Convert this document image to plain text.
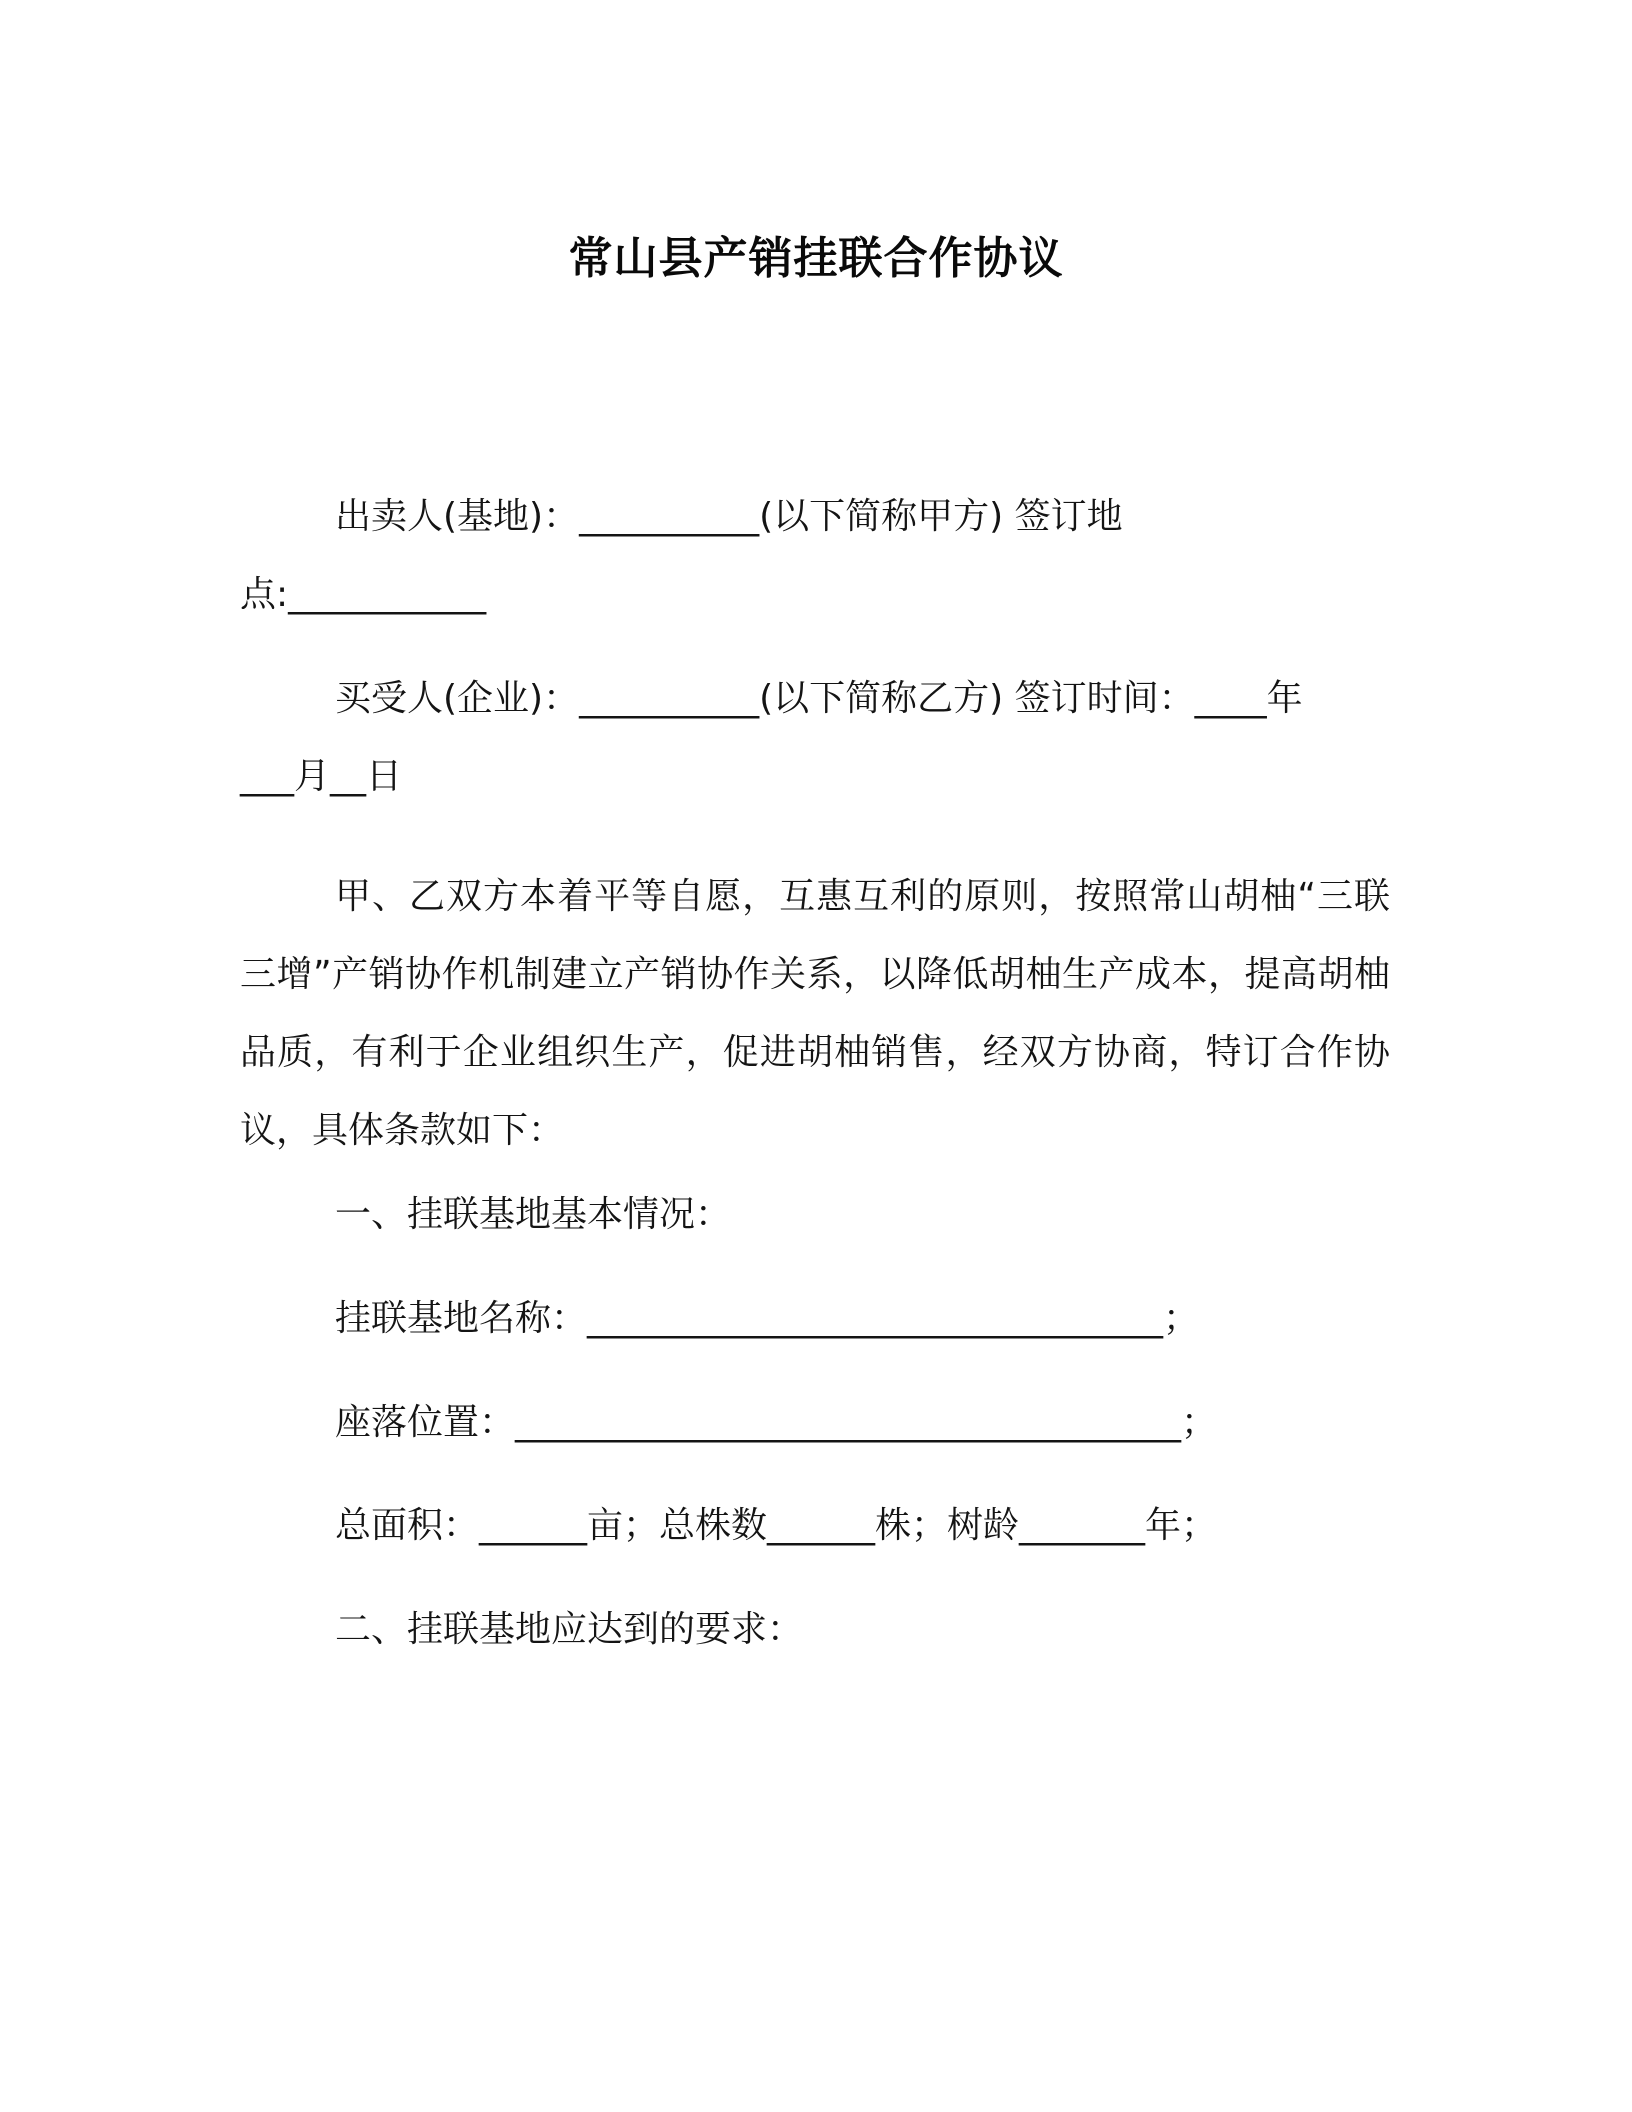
常山县产销挂联合作协议
出卖人(基地)：__________(以下简称甲方) 签订地
点:___________
买受人(企业)：__________(以下简称乙方) 签订时间：____年
___月__日
甲、乙双方本着平等自愿，互惠互利的原则，按照常山胡柚“三联三增”产销协作机制建立产销协作关系，以降低胡柚生产成本，提高胡柚品质，有利于企业组织生产，促进胡柚销售，经双方协商，特订合作协议，具体条款如下：
一、挂联基地基本情况：
挂联基地名称：________________________________；
座落位置：_____________________________________；
总面积：______亩；总株数______株；树龄_______年；
二、挂联基地应达到的要求：
